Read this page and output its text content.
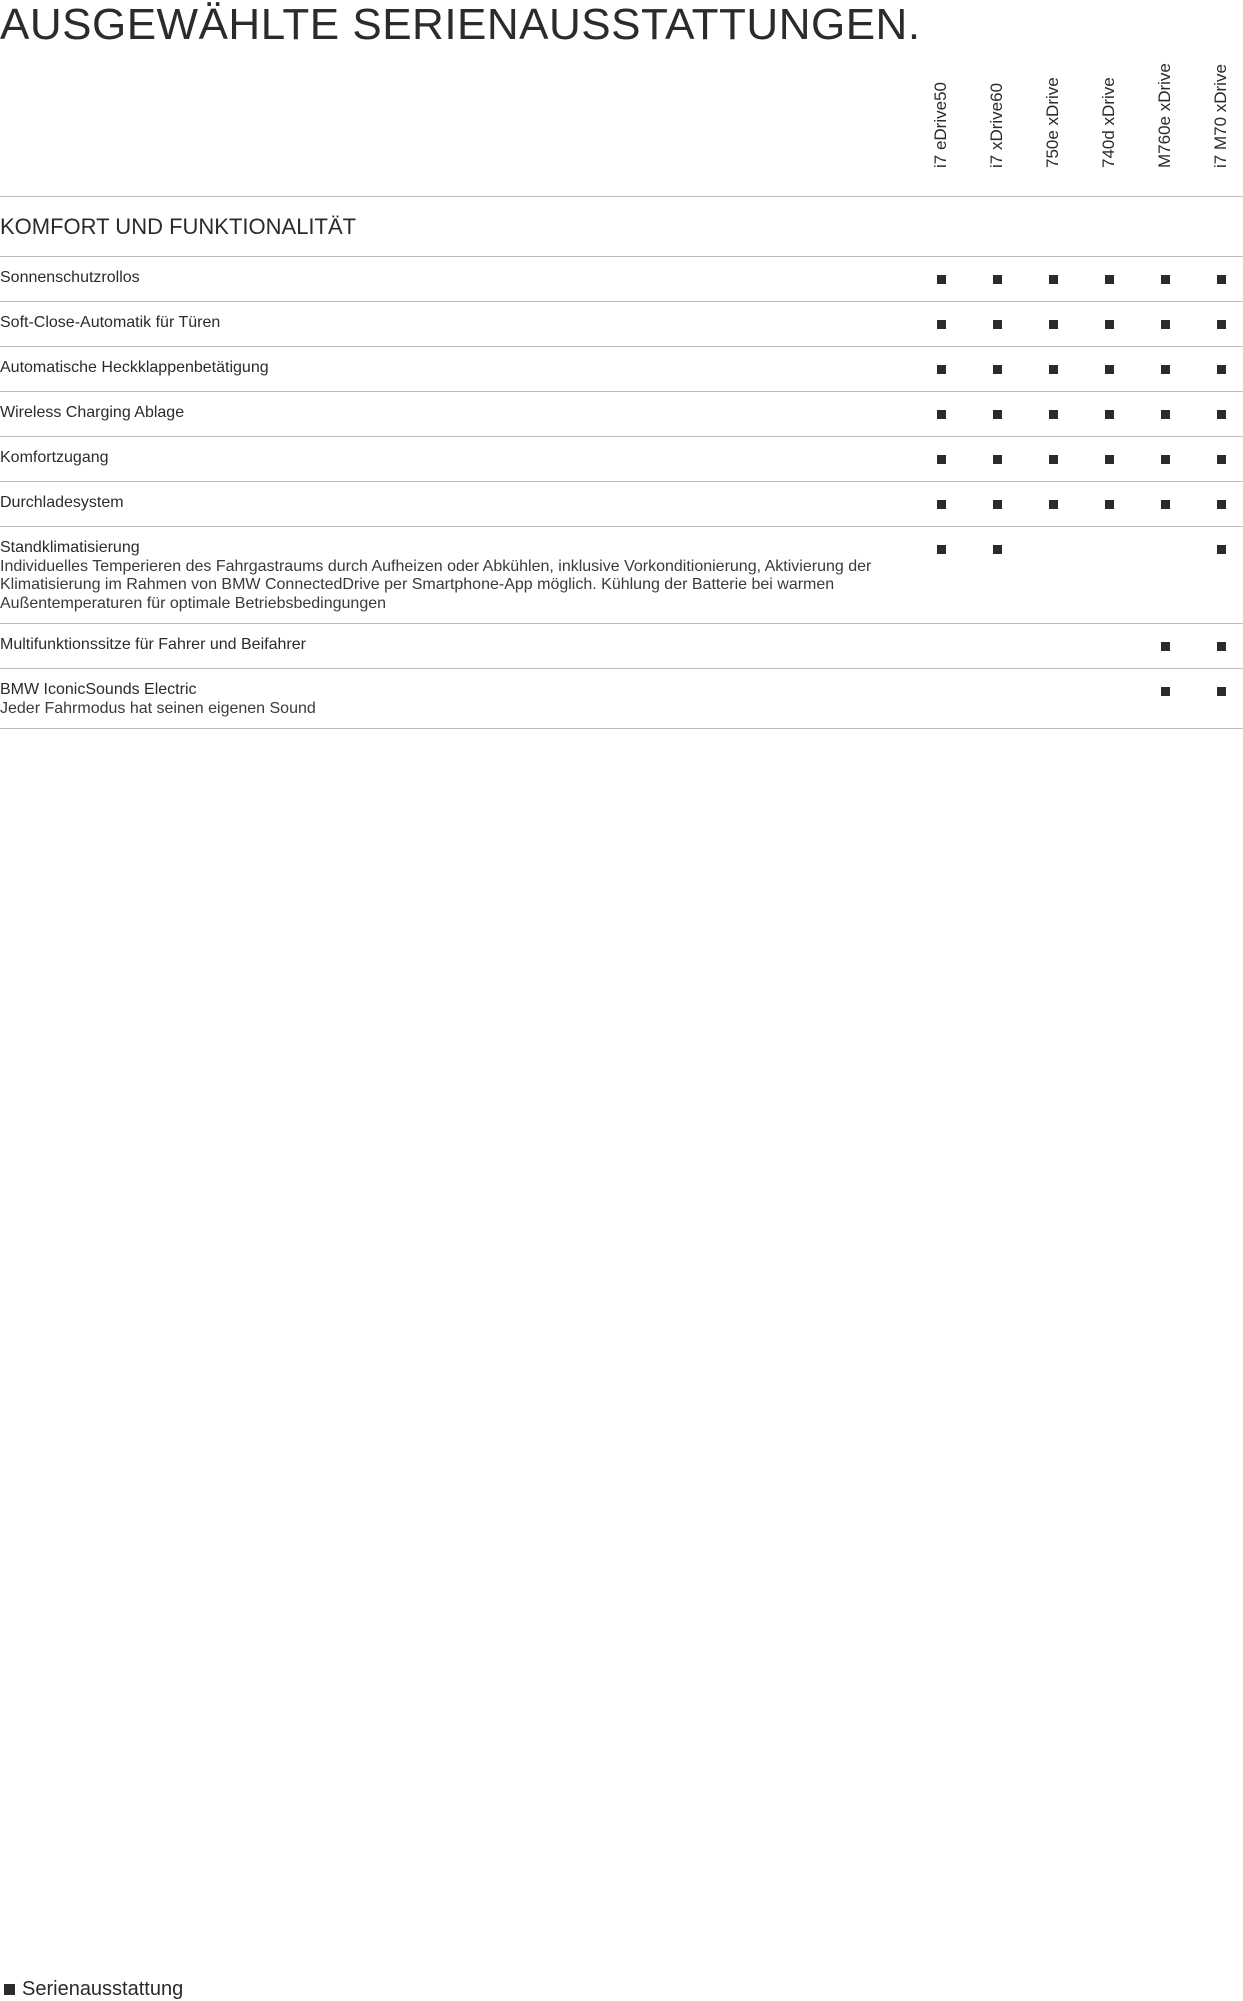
AUSGEWÄHLTE SERIENAUSSTATTUNGEN.
i7 eDrive50 i7 xDrive60 750e xDrive 740d xDrive M760e xDrive i7 M70 xDrive
KOMFORT UND FUNKTIONALITÄT
Sonnenschutzrollos
Soft-Close-Automatik für Türen
Automatische Heckklappenbetätigung
Wireless Charging Ablage
Komfortzugang
Durchladesystem
Standklimatisierung
Individuelles Temperieren des Fahrgastraums durch Aufheizen oder Abkühlen, inklusive Vorkonditionierung, Aktivierung der Klimatisierung im Rahmen von BMW ConnectedDrive per Smartphone-App möglich. Kühlung der Batterie bei warmen Außentemperaturen für optimale Betriebsbedingungen
Multifunktionssitze für Fahrer und Beifahrer
BMW IconicSounds Electric
Jeder Fahrmodus hat seinen eigenen Sound
Serienausstattung
